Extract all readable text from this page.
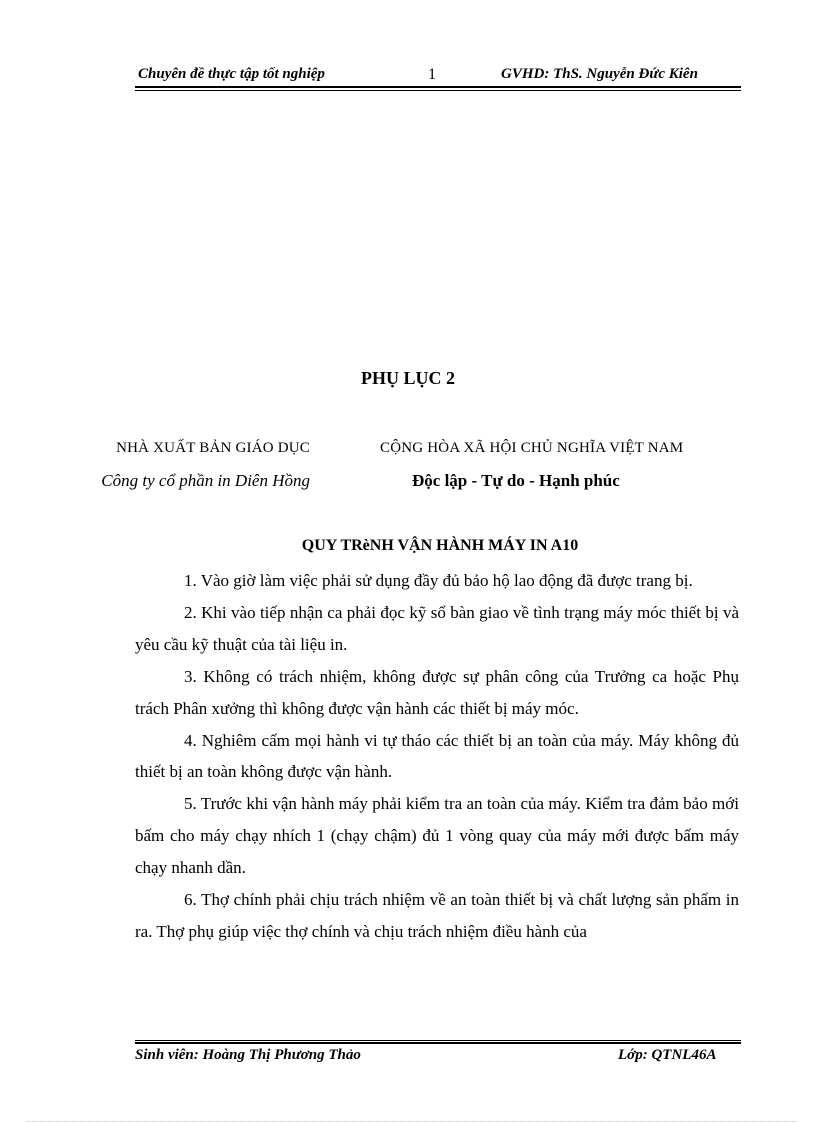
Chuyên đề thực tập tốt nghiệp	1	GVHD: ThS. Nguyễn Đức Kiên
PHỤ LỤC 2
NHÀ XUẤT BẢN GIÁO DỤC
Công ty cổ phần in Diên Hồng
CỘNG HÒA XÃ HỘI CHỦ NGHĨA VIỆT NAM
Độc lập - Tự do - Hạnh phúc
QUY TRèNH VẬN HÀNH MÁY IN A10

1. Vào giờ làm việc phải sử dụng đầy đủ bảo hộ lao động đã được trang bị.

2. Khi vào tiếp nhận ca phải đọc kỹ sổ bàn giao về tình trạng máy móc thiết bị và yêu cầu kỹ thuật của tài liệu in.

3. Không có trách nhiệm, không được sự phân công của Trưởng ca hoặc Phụ trách Phân xưởng thì không được vận hành các thiết bị máy móc.

4. Nghiêm cấm mọi hành vi tự tháo các thiết bị an toàn của máy. Máy không đủ thiết bị an toàn không được vận hành.

5. Trước khi vận hành máy phải kiểm tra an toàn của máy. Kiểm tra đảm bảo mới bấm cho máy chạy nhích 1 (chạy chậm) đủ 1 vòng quay của máy mới được bấm máy chạy nhanh dần.

6. Thợ chính phải chịu trách nhiệm về an toàn thiết bị và chất lượng sản phẩm in ra. Thợ phụ giúp việc thợ chính và chịu trách nhiệm điều hành của

Sinh viên: Hoàng Thị Phương Thảo	Lớp: QTNL46A
